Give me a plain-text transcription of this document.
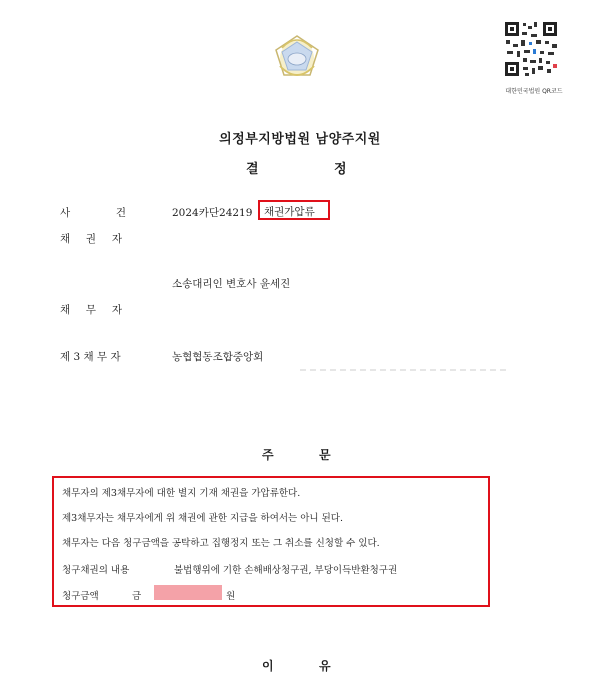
대한민국법원 QR코드
의정부지방법원 남양주지원
결	정
사	건	2024카단24219 채권가압류
채 권 자
소송대리인 변호사 윤세진
채 무 자
제 3 채 무 자	농협협동조합중앙회
주	문
채무자의 제3채무자에 대한 별지 기재 채권을 가압류한다.
제3채무자는 채무자에게 위 채권에 관한 지급을 하여서는 아니 된다.
채무자는 다음 청구금액을 공탁하고 집행정지 또는 그 취소를 신청할 수 있다.
청구채권의 내용	불법행위에 기한 손해배상청구권, 부당이득반환청구권
청구금액	금	원
이	유
